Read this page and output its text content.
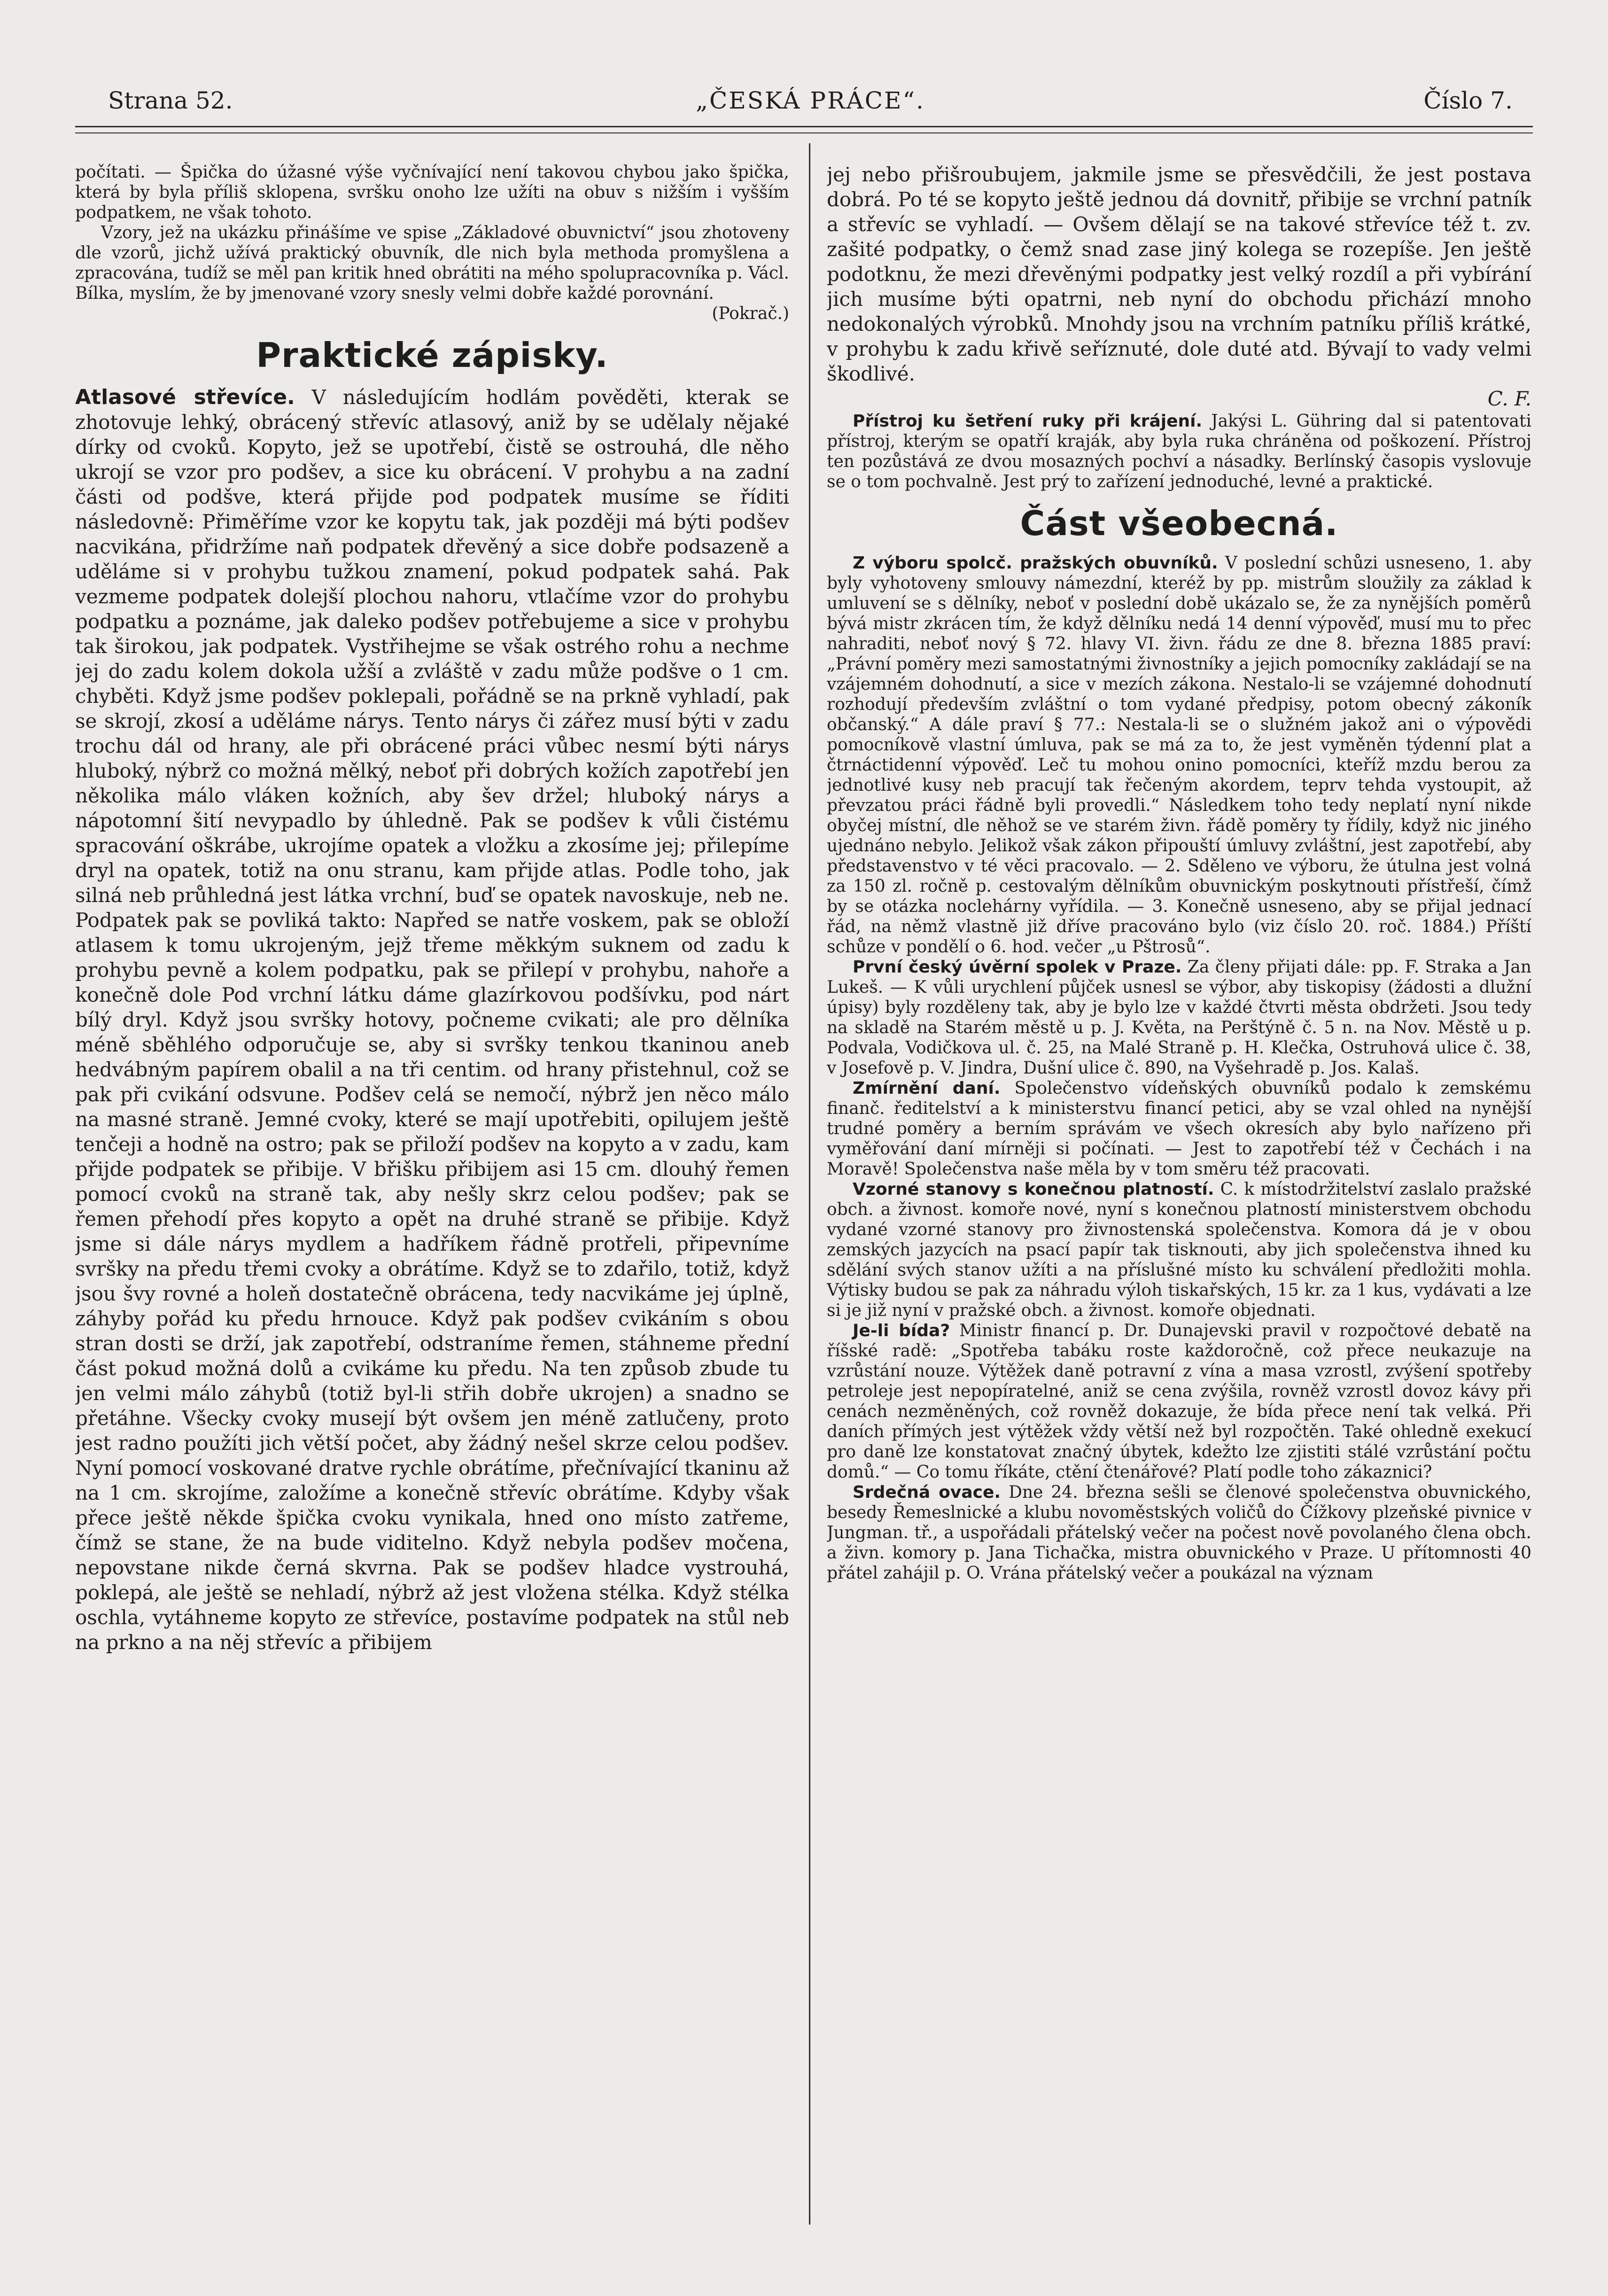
Strana 52.	„ČESKÁ PRÁCE“.	Číslo 7.

počítati. — Špička do úžasné výše vyčnívající není takovou chybou jako špička, která by byla příliš sklopena, svršku onoho lze užíti na obuv s nižším i vyšším podpatkem, ne však tohoto.

Vzory, jež na ukázku přinášíme ve spise „Základové obuvnictví“ jsou zhotoveny dle vzorů, jichž užívá praktický obuvník, dle nich byla methoda promyšlena a zpracována, tudíž se měl pan kritik hned obrátiti na mého spolupracovníka p. Václ. Bílka, myslím, že by jmenované vzory snesly velmi dobře každé porovnání.

(Pokrač.)

Praktické zápisky.

Atlasové střevíce. V následujícím hodlám pověděti, kterak se zhotovuje lehký, obrácený střevíc atlasový, aniž by se udělaly nějaké dírky od cvoků. Kopyto, jež se upotřebí, čistě se ostrouhá, dle něho ukrojí se vzor pro podšev, a sice ku obrácení. V prohybu a na zadní části od podšve, která přijde pod podpatek musíme se říditi následovně: Přiměříme vzor ke kopytu tak, jak později má býti podšev nacvikána, přidržíme naň podpatek dřevěný a sice dobře podsazeně a uděláme si v prohybu tužkou znamení, pokud podpatek sahá. Pak vezmeme podpatek dolejší plochou nahoru, vtlačíme vzor do prohybu podpatku a poznáme, jak daleko podšev potřebujeme a sice v prohybu tak širokou, jak podpatek. Vystřihejme se však ostrého rohu a nechme jej do zadu kolem dokola užší a zvláště v zadu může podšve o 1 cm. chyběti. Když jsme podšev poklepali, pořádně se na prkně vyhladí, pak se skrojí, zkosí a uděláme nárys. Tento nárys či zářez musí býti v zadu trochu dál od hrany, ale při obrácené práci vůbec nesmí býti nárys hluboký, nýbrž co možná mělký, neboť při dobrých kožích zapotřebí jen několika málo vláken kožních, aby šev držel; hluboký nárys a nápotomní šití nevypadlo by úhledně. Pak se podšev k vůli čistému spracování oškrábe, ukrojíme opatek a vložku a zkosíme jej; přilepíme dryl na opatek, totiž na onu stranu, kam přijde atlas. Podle toho, jak silná neb průhledná jest látka vrchní, buď se opatek navoskuje, neb ne. Podpatek pak se povliká takto: Napřed se natře voskem, pak se obloží atlasem k tomu ukrojeným, jejž třeme měkkým suknem od zadu k prohybu pevně a kolem podpatku, pak se přilepí v prohybu, nahoře a konečně dole Pod vrchní látku dáme glazírkovou podšívku, pod nárt bílý dryl. Když jsou svršky hotovy, počneme cvikati; ale pro dělníka méně sběhlého odporučuje se, aby si svršky tenkou tkaninou aneb hedvábným papírem obalil a na tři centim. od hrany přistehnul, což se pak při cvikání odsvune. Podšev celá se nemočí, nýbrž jen něco málo na masné straně. Jemné cvoky, které se mají upotřebiti, opilujem ještě tenčeji a hodně na ostro; pak se přiloží podšev na kopyto a v zadu, kam přijde podpatek se přibije. V břišku přibijem asi 15 cm. dlouhý řemen pomocí cvoků na straně tak, aby nešly skrz celou podšev; pak se řemen přehodí přes kopyto a opět na druhé straně se přibije. Když jsme si dále nárys mydlem a hadříkem řádně protřeli, připevníme svršky na předu třemi cvoky a obrátíme. Když se to zdařilo, totiž, když jsou švy rovné a holeň dostatečně obrácena, tedy nacvikáme jej úplně, záhyby pořád ku předu hrnouce. Když pak podšev cvikáním s obou stran dosti se drží, jak zapotřebí, odstraníme řemen, stáhneme přední část pokud možná dolů a cvikáme ku předu. Na ten způsob zbude tu jen velmi málo záhybů (totiž byl-li střih dobře ukrojen) a snadno se přetáhne. Všecky cvoky musejí být ovšem jen méně zatlučeny, proto jest radno použíti jich větší počet, aby žádný nešel skrze celou podšev. Nyní pomocí voskované dratve rychle obrátíme, přečnívající tkaninu až na 1 cm. skrojíme, založíme a konečně střevíc obrátíme. Kdyby však přece ještě někde špička cvoku vynikala, hned ono místo zatřeme, čímž se stane, že na bude viditelno. Když nebyla podšev močena, nepovstane nikde černá skvrna. Pak se podšev hladce vystrouhá, poklepá, ale ještě se nehladí, nýbrž až jest vložena stélka. Když stélka oschla, vytáhneme kopyto ze střevíce, postavíme podpatek na stůl neb na prkno a na něj střevíc a přibijem

jej nebo přišroubujem, jakmile jsme se přesvědčili, že jest postava dobrá. Po té se kopyto ještě jednou dá dovnitř, přibije se vrchní patník a střevíc se vyhladí. — Ovšem dělají se na takové střevíce též t. zv. zašité podpatky, o čemž snad zase jiný kolega se rozepíše. Jen ještě podotknu, že mezi dřevěnými podpatky jest velký rozdíl a při vybírání jich musíme býti opatrni, neb nyní do obchodu přichází mnoho nedokonalých výrobků. Mnohdy jsou na vrchním patníku příliš krátké, v prohybu k zadu křivě seříznuté, dole duté atd. Bývají to vady velmi škodlivé.

C. F.

Přístroj ku šetření ruky při krájení. Jakýsi L. Gühring dal si patentovati přístroj, kterým se opatří kraják, aby byla ruka chráněna od poškození. Přístroj ten pozůstává ze dvou mosazných pochví a násadky. Berlínský časopis vyslovuje se o tom pochvalně. Jest prý to zařízení jednoduché, levné a praktické.

Část všeobecná.

Z výboru spolcč. pražských obuvníků. V poslední schůzi usneseno, 1. aby byly vyhotoveny smlouvy námezdní, kteréž by pp. mistrům sloužily za základ k umluvení se s dělníky, neboť v poslední době ukázalo se, že za nynějších poměrů bývá mistr zkrácen tím, že když dělníku nedá 14 denní výpověď, musí mu to přec nahraditi, neboť nový § 72. hlavy VI. živn. řádu ze dne 8. března 1885 praví: „Právní poměry mezi samostatnými živnostníky a jejich pomocníky zakládají se na vzájemném dohodnutí, a sice v mezích zákona. Nestalo-li se vzájemné dohodnutí rozhodují především zvláštní o tom vydané předpisy, potom obecný zákoník občanský.“ A dále praví § 77.: Nestala-li se o služném jakož ani o výpovědi pomocníkově vlastní úmluva, pak se má za to, že jest vyměněn týdenní plat a čtrnáctidenní výpověď. Leč tu mohou onino pomocníci, kteříž mzdu berou za jednotlivé kusy neb pracují tak řečeným akordem, teprv tehda vystoupit, až převzatou práci řádně byli provedli.“ Následkem toho tedy neplatí nyní nikde obyčej místní, dle něhož se ve starém živn. řádě poměry ty řídily, když nic jiného ujednáno nebylo. Jelikož však zákon připouští úmluvy zvláštní, jest zapotřebí, aby představenstvo v té věci pracovalo. — 2. Sděleno ve výboru, že útulna jest volná za 150 zl. ročně p. cestovalým dělníkům obuvnickým poskytnouti přístřeší, čímž by se otázka noclehárny vyřídila. — 3. Konečně usneseno, aby se přijal jednací řád, na němž vlastně již dříve pracováno bylo (viz číslo 20. roč. 1884.) Příští schůze v pondělí o 6. hod. večer „u Pštrosů“.

První český úvěrní spolek v Praze. Za členy přijati dále: pp. F. Straka a Jan Lukeš. — K vůli urychlení půjček usnesl se výbor, aby tiskopisy (žádosti a dlužní úpisy) byly rozděleny tak, aby je bylo lze v každé čtvrti města obdržeti. Jsou tedy na skladě na Starém městě u p. J. Květa, na Perštýně č. 5 n. na Nov. Městě u p. Podvala, Vodičkova ul. č. 25, na Malé Straně p. H. Klečka, Ostruhová ulice č. 38, v Josefově p. V. Jindra, Dušní ulice č. 890, na Vyšehradě p. Jos. Kalaš.

Zmírnění daní. Společenstvo vídeňských obuvníků podalo k zemskému finanč. ředitelství a k ministerstvu financí petici, aby se vzal ohled na nynější trudné poměry a berním správám ve všech okresích aby bylo nařízeno při vyměřování daní mírněji si počínati. — Jest to zapotřebí též v Čechách i na Moravě! Společenstva naše měla by v tom směru též pracovati.

Vzorné stanovy s konečnou platností. C. k místodržitelství zaslalo pražské obch. a živnost. komoře nové, nyní s konečnou platností ministerstvem obchodu vydané vzorné stanovy pro živnostenská společenstva. Komora dá je v obou zemských jazycích na psací papír tak tisknouti, aby jich společenstva ihned ku sdělání svých stanov užíti a na příslušné místo ku schválení předložiti mohla. Výtisky budou se pak za náhradu výloh tiskařských, 15 kr. za 1 kus, vydávati a lze si je již nyní v pražské obch. a živnost. komoře objednati.

Je-li bída? Ministr financí p. Dr. Dunajevski pravil v rozpočtové debatě na říšské radě: „Spotřeba tabáku roste každoročně, což přece neukazuje na vzrůstání nouze. Výtěžek daně potravní z vína a masa vzrostl, zvýšení spotřeby petroleje jest nepopíratelné, aniž se cena zvýšila, rovněž vzrostl dovoz kávy při cenách nezměněných, což rovněž dokazuje, že bída přece není tak velká. Při daních přímých jest výtěžek vždy větší než byl rozpočtěn. Také ohledně exekucí pro daně lze konstatovat značný úbytek, kdežto lze zjistiti stálé vzrůstání počtu domů.“ — Co tomu říkáte, ctění čtenářové? Platí podle toho zákaznici?

Srdečná ovace. Dne 24. března sešli se členové společenstva obuvnického, besedy Řemeslnické a klubu novoměstských voličů do Čížkovy plzeňské pivnice v Jungman. tř., a uspořádali přátelský večer na počest nově povolaného člena obch. a živn. komory p. Jana Tichačka, mistra obuvnického v Praze. U přítomnosti 40 přátel zahájil p. O. Vrána přátelský večer a poukázal na význam
